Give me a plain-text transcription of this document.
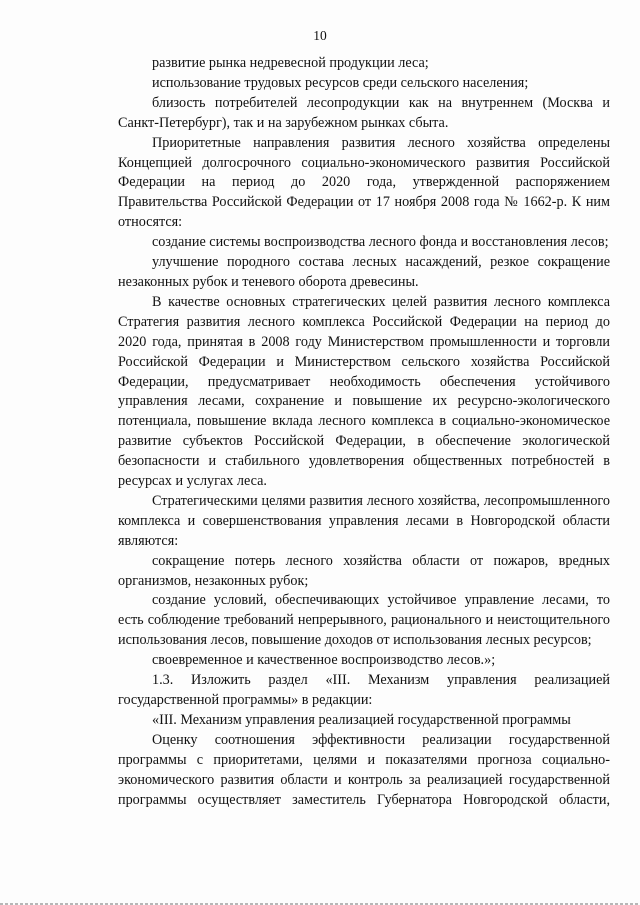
10

развитие рынка недревесной продукции леса;

использование трудовых ресурсов среди сельского населения;

близость потребителей лесопродукции как на внутреннем (Москва и Санкт-Петербург), так и на зарубежном рынках сбыта.

Приоритетные направления развития лесного хозяйства определены Концепцией долгосрочного социально-экономического развития Российской Федерации на период до 2020 года, утвержденной распоряжением Правительства Российской Федерации от 17 ноября 2008 года № 1662-р. К ним относятся:

создание системы воспроизводства лесного фонда и восстановления лесов;

улучшение породного состава лесных насаждений, резкое сокращение незаконных рубок и теневого оборота древесины.

В качестве основных стратегических целей развития лесного комплекса Стратегия развития лесного комплекса Российской Федерации на период до 2020 года, принятая в 2008 году Министерством промышленности и торговли Российской Федерации и Министерством сельского хозяйства Российской Федерации, предусматривает необходимость обеспечения устойчивого управления лесами, сохранение и повышение их ресурсно-экологического потенциала, повышение вклада лесного комплекса в социально-экономическое развитие субъектов Российской Федерации, в обеспечение экологической безопасности и стабильного удовлетворения общественных потребностей в ресурсах и услугах леса.

Стратегическими целями развития лесного хозяйства, лесопромышленного комплекса и совершенствования управления лесами в Новгородской области являются:

сокращение потерь лесного хозяйства области от пожаров, вредных организмов, незаконных рубок;

создание условий, обеспечивающих устойчивое управление лесами, то есть соблюдение требований непрерывного, рационального и неистощительного использования лесов, повышение доходов от использования лесных ресурсов;

своевременное и качественное воспроизводство лесов.»;

1.3. Изложить раздел «III. Механизм управления реализацией государственной программы» в редакции:

«III. Механизм управления реализацией государственной программы

Оценку соотношения эффективности реализации государственной программы с приоритетами, целями и показателями прогноза социально-экономического развития области и контроль за реализацией государственной программы осуществляет заместитель Губернатора Новгородской области,
